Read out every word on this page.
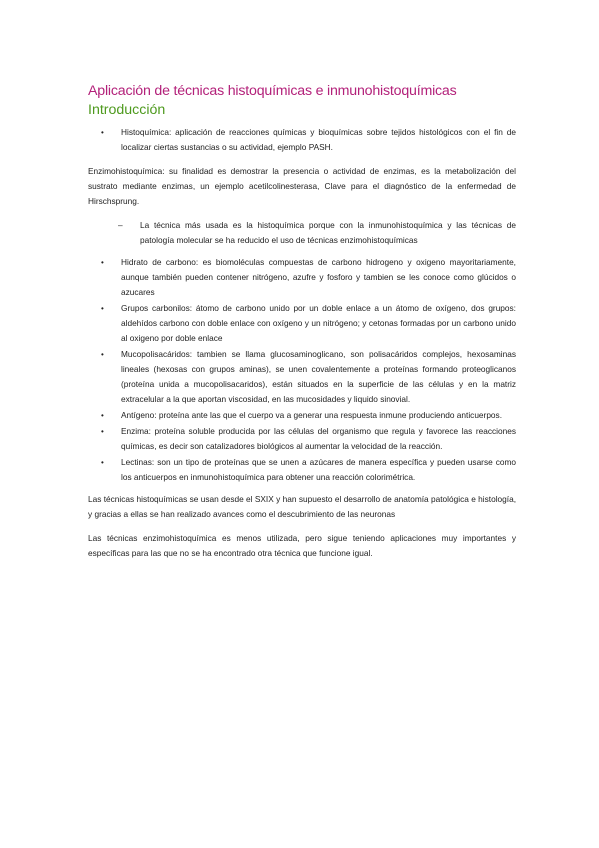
Aplicación de técnicas histoquímicas e inmunohistoquímicas
Introducción
• Histoquímica: aplicación de reacciones químicas y bioquímicas sobre tejidos histológicos con el fin de localizar ciertas sustancias o su actividad, ejemplo PASH.

Enzimohistoquímica: su finalidad es demostrar la presencia o actividad de enzimas, es la metabolización del sustrato mediante enzimas, un ejemplo acetilcolinesterasa, Clave para el diagnóstico de la enfermedad de Hirschsprung.

– La técnica más usada es la histoquímica porque con la inmunohistoquímica y las técnicas de patología molecular se ha reducido el uso de técnicas enzimohistoquímicas
• Hidrato de carbono: es biomoléculas compuestas de carbono hidrogeno y oxigeno mayoritariamente, aunque también pueden contener nitrógeno, azufre y fosforo y tambien se les conoce como glúcidos o azucares
• Grupos carbonilos: átomo de carbono unido por un doble enlace a un átomo de oxígeno, dos grupos: aldehídos carbono con doble enlace con oxígeno y un nitrógeno; y cetonas formadas por un carbono unido al oxigeno por doble enlace
• Mucopolisacáridos: tambien se llama glucosaminoglicano, son polisacáridos complejos, hexosaminas lineales (hexosas con grupos aminas), se unen covalentemente a proteínas formando proteoglicanos (proteína unida a mucopolisacaridos), están situados en la superficie de las células y en la matriz extracelular a la que aportan viscosidad, en las mucosidades y liquido sinovial.
• Antígeno: proteína ante las que el cuerpo va a generar una respuesta inmune produciendo anticuerpos.
• Enzima: proteína soluble producida por las células del organismo que regula y favorece las reacciones químicas, es decir son catalizadores biológicos al aumentar la velocidad de la reacción.
• Lectinas: son un tipo de proteínas que se unen a azúcares de manera específica y pueden usarse como los anticuerpos en inmunohistoquímica para obtener una reacción colorimétrica.

Las técnicas histoquímicas se usan desde el SXIX y han supuesto el desarrollo de anatomía patológica e histología, y gracias a ellas se han realizado avances como el descubrimiento de las neuronas

Las técnicas enzimohistoquímica es menos utilizada, pero sigue teniendo aplicaciones muy importantes y específicas para las que no se ha encontrado otra técnica que funcione igual.
